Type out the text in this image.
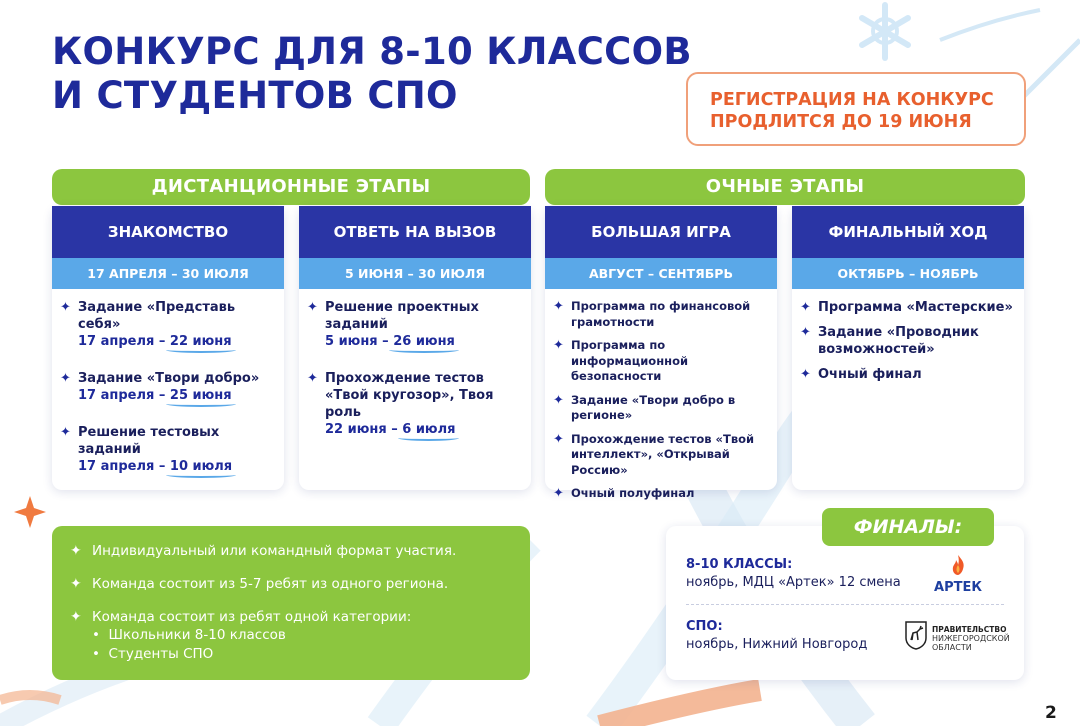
КОНКУРС ДЛЯ 8-10 КЛАССОВ
И СТУДЕНТОВ СПО	РЕГИСТРАЦИЯ НА КОНКУРС
ПРОДЛИТСЯ ДО 19 ИЮНЯ
ДИСТАНЦИОННЫЕ ЭТАПЫ	ОЧНЫЕ ЭТАПЫ
ЗНАКОМСТВО
17 АПРЕЛЯ – 30 ИЮЛЯ
✦ Задание «Представь себя»
17 апреля – 22 июня
✦ Задание «Твори добро»
17 апреля – 25 июня
✦ Решение тестовых заданий
17 апреля – 10 июля
ОТВЕТЬ НА ВЫЗОВ
5 ИЮНЯ – 30 ИЮЛЯ
✦ Решение проектных заданий
5 июня – 26 июня
✦ Прохождение тестов «Твой кругозор», Твоя роль
22 июня – 6 июля
БОЛЬШАЯ ИГРА
АВГУСТ – СЕНТЯБРЬ
✦ Программа по финансовой грамотности
✦ Программа по информационной безопасности
✦ Задание «Твори добро в регионе»
✦ Прохождение тестов «Твой интеллект», «Открывай Россию»
✦ Очный полуфинал
ФИНАЛЬНЫЙ ХОД
ОКТЯБРЬ – НОЯБРЬ
✦ Программа «Мастерские»
✦ Задание «Проводник возможностей»
✦ Очный финал
✦ Индивидуальный или командный формат участия.
✦ Команда состоит из 5-7 ребят из одного региона.
✦ Команда состоит из ребят одной категории:
•  Школьники 8-10 классов
•  Студенты СПО
8-10 КЛАССЫ:
ноябрь, МДЦ «Артек» 12 смена	АРТЕК
СПО:
ноябрь, Нижний Новгород
ПРАВИТЕЛЬСТВО
НИЖЕГОРОДСКОЙ
ОБЛАСТИ
ФИНАЛЫ:
2
